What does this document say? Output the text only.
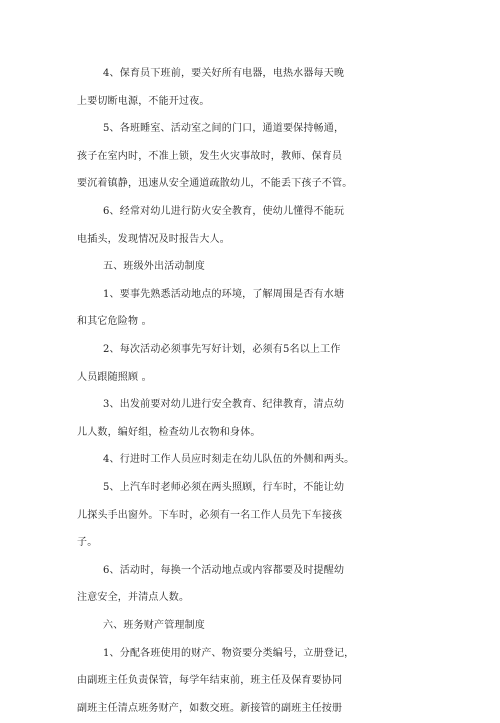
4、保育员下班前，要关好所有电器，电热水器每天晚
上要切断电源，不能开过夜。
5、各班睡室、活动室之间的门口，通道要保持畅通，
孩子在室内时，不准上锁，发生火灾事故时，教师、保育员
要沉着镇静，迅速从安全通道疏散幼儿，不能丢下孩子不管。
6、经常对幼儿进行防火安全教育，使幼儿懂得不能玩
电插头，发现情况及时报告大人。
五、班级外出活动制度
1、要事先熟悉活动地点的环境，了解周围是否有水塘
和其它危险物 。
2、每次活动必须事先写好计划，必须有5名以上工作
人员跟随照顾 。
3、出发前要对幼儿进行安全教育、纪律教育，清点幼
儿人数，编好组，检查幼儿衣物和身体。
4、行进时工作人员应时刻走在幼儿队伍的外侧和两头。
5、上汽车时老师必须在两头照顾，行车时，不能让幼
儿探头手出窗外。下车时，必须有一名工作人员先下车接孩
子。
6、活动时，每换一个活动地点或内容都要及时提醒幼
注意安全，并清点人数。
六、班务财产管理制度
1、分配各班使用的财产、物资要分类编号，立册登记，
由副班主任负责保管，每学年结束前，班主任及保育要协同
副班主任清点班务财产，如数交班。新接管的副班主任按册
